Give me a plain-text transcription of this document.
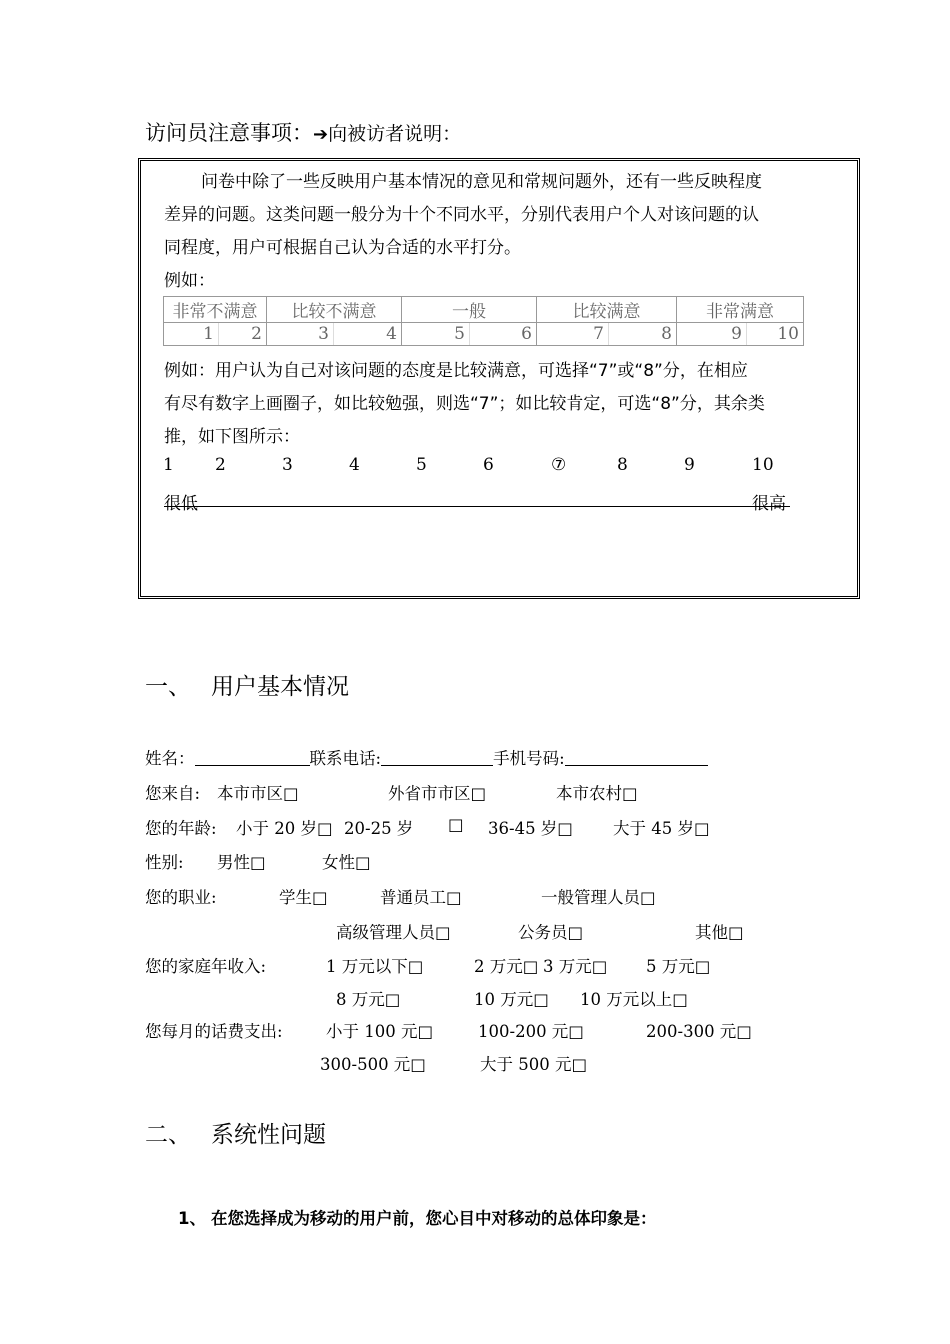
访问员注意事项：➔向被访者说明：
问卷中除了一些反映用户基本情况的意见和常规问题外，还有一些反映程度
差异的问题。这类问题一般分为十个不同水平，分别代表用户个人对该问题的认
同程度，用户可根据自己认为合适的水平打分。
例如：
非常不满意		比较不满意		一般		比较满意		非常满意	
1	2	3	4	5	6	7	8	9	10
例如：用户认为自己对该问题的态度是比较满意，可选择“7”或“8”分，在相应
有尽有数字上画圈子，如比较勉强，则选“7”；如比较肯定，可选“8”分，其余类
推，如下图所示：
1 2	3	4	5	6	⑦	8	9	10
很低	很高
一、 用户基本情况
姓名：	联系电话:	手机号码:
您来自: 本市市区□	外省市市区□	本市农村□
您的年龄: 小于 20 岁□ 20-25 岁 □ 36-45 岁□ 大于 45 岁□
性别: 男性□	女性□
您的职业:	学生□	普通员工□	一般管理人员□
高级管理人员□	公务员□	其他□
您的家庭年收入:	1 万元以下□	2 万元□ 3 万元□ 5 万元□
8 万元□	10 万元□ 10 万元以上□
您每月的话费支出:	小于 100 元□	100-200 元□	200-300 元□
300-500 元□	大于 500 元□
二、 系统性问题
1、 在您选择成为移动的用户前，您心目中对移动的总体印象是：
